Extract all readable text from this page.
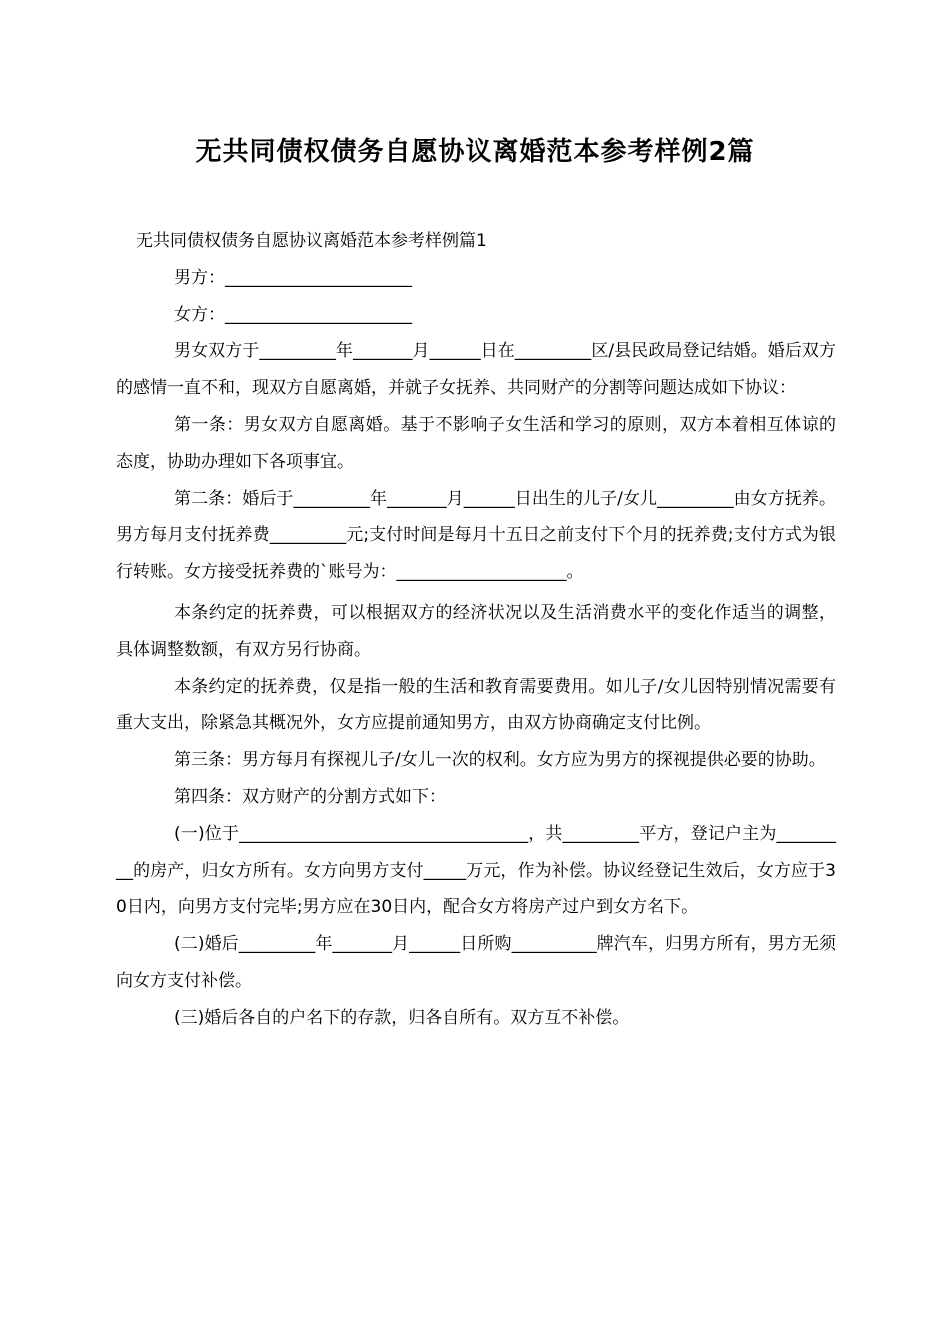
无共同债权债务自愿协议离婚范本参考样例2篇

无共同债权债务自愿协议离婚范本参考样例篇1

男方：______________________

女方：______________________

男女双方于_________年_______月______日在_________区/县民政局登记结婚。婚后双方的感情一直不和，现双方自愿离婚，并就子女抚养、共同财产的分割等问题达成如下协议：

第一条：男女双方自愿离婚。基于不影响子女生活和学习的原则，双方本着相互体谅的态度，协助办理如下各项事宜。

第二条：婚后于_________年_______月______日出生的儿子/女儿_________由女方抚养。男方每月支付抚养费_________元;支付时间是每月十五日之前支付下个月的抚养费;支付方式为银行转账。女方接受抚养费的`账号为：____________________。

本条约定的抚养费，可以根据双方的经济状况以及生活消费水平的变化作适当的调整，具体调整数额，有双方另行协商。

本条约定的抚养费，仅是指一般的生活和教育需要费用。如儿子/女儿因特别情况需要有重大支出，除紧急其概况外，女方应提前通知男方，由双方协商确定支付比例。

第三条：男方每月有探视儿子/女儿一次的权利。女方应为男方的探视提供必要的协助。

第四条：双方财产的分割方式如下：

(一)位于__________________________________，共_________平方，登记户主为_________的房产，归女方所有。女方向男方支付_____万元，作为补偿。协议经登记生效后，女方应于30日内，向男方支付完毕;男方应在30日内，配合女方将房产过户到女方名下。

(二)婚后_________年_______月______日所购__________牌汽车，归男方所有，男方无须向女方支付补偿。

(三)婚后各自的户名下的存款，归各自所有。双方互不补偿。
